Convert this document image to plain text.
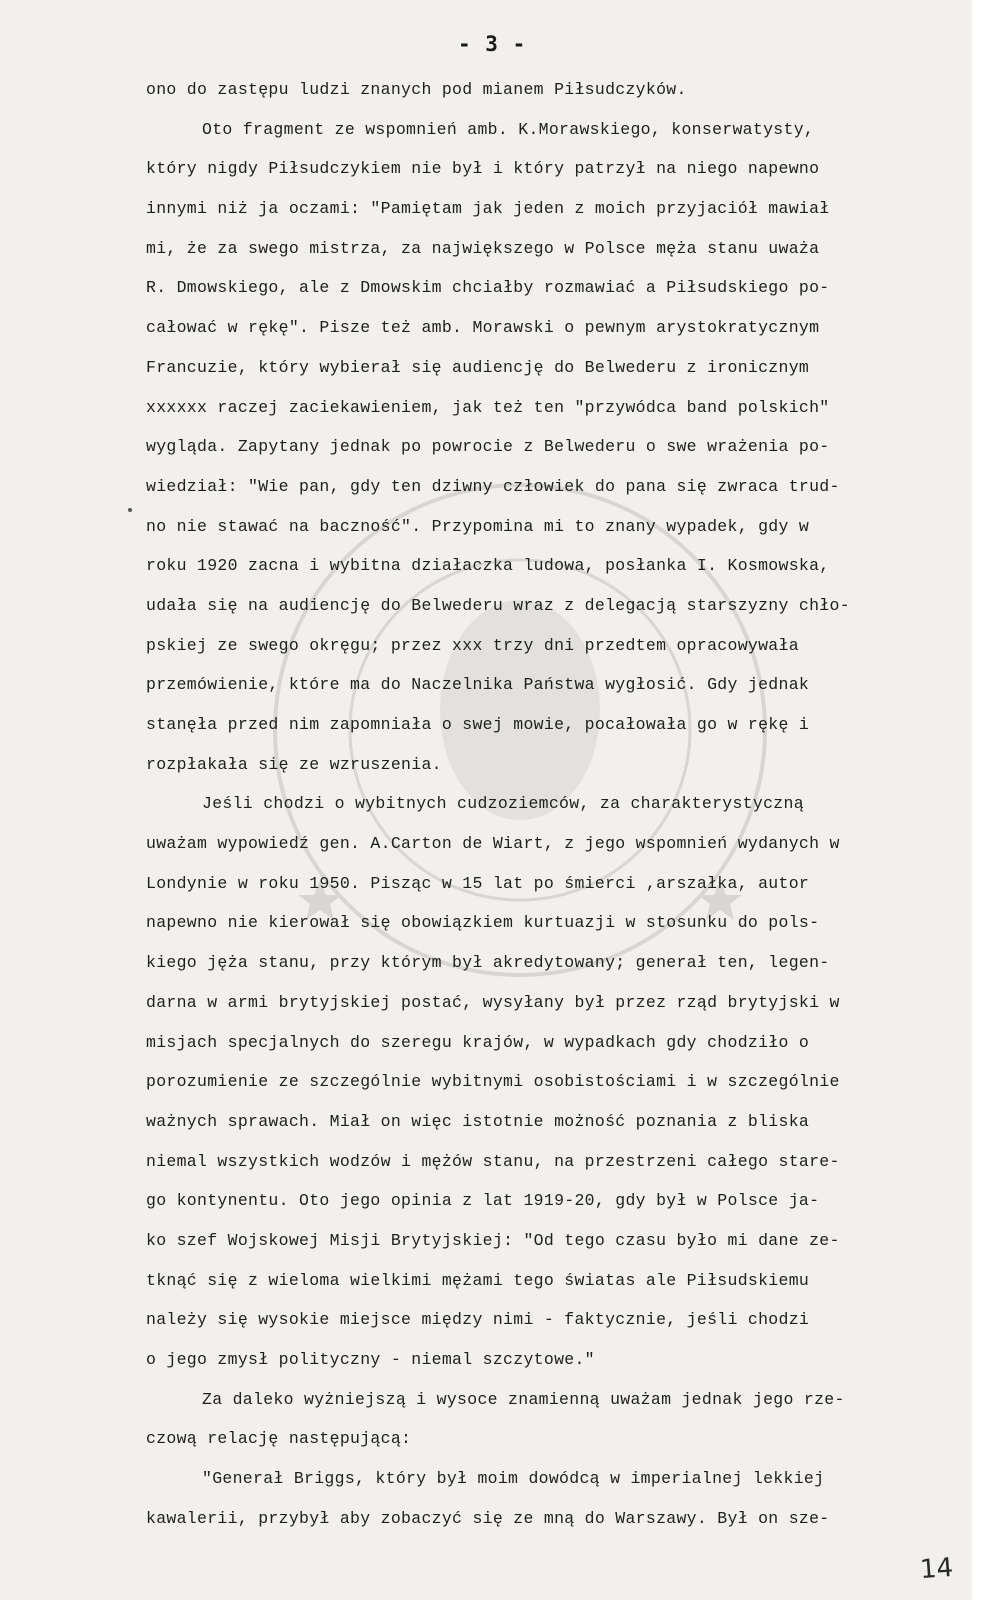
- 3 -
ono do zastępu ludzi znanych pod mianem Piłsudczyków.
Oto fragment ze wspomnień amb. K.Morawskiego, konserwatysty,
który nigdy Piłsudczykiem nie był i który patrzył na niego napewno
innymi niż ja oczami: "Pamiętam jak jeden z moich przyjaciół mawiał
mi, że za swego mistrza, za największego w Polsce męża stanu uważa
R. Dmowskiego, ale z Dmowskim chciałby rozmawiać a Piłsudskiego po-
całować w rękę". Pisze też amb. Morawski o pewnym arystokratycznym
Francuzie, który wybierał się audiencję do Belwederu z ironicznym
xxxxxx raczej zaciekawieniem, jak też ten "przywódca band polskich"
wygląda. Zapytany jednak po powrocie z Belwederu o swe wrażenia po-
wiedział: "Wie pan, gdy ten dziwny człowiek do pana się zwraca trud-
no nie stawać na baczność". Przypomina mi to znany wypadek, gdy w
roku 1920 zacna i wybitna działaczka ludowa, posłanka I. Kosmowska,
udała się na audiencję do Belwederu wraz z delegacją starszyzny chło-
pskiej ze swego okręgu; przez xxx trzy dni przedtem opracowywała
przemówienie, które ma do Naczelnika Państwa wygłosić. Gdy jednak
stanęła przed nim zapomniała o swej mowie, pocałowała go w rękę i
rozpłakała się ze wzruszenia.
Jeśli chodzi o wybitnych cudzoziemców, za charakterystyczną
uważam wypowiedź gen. A.Carton de Wiart, z jego wspomnień wydanych w
Londynie w roku 1950. Pisząc w 15 lat po śmierci ,arszałka, autor
napewno nie kierował się obowiązkiem kurtuazji w stosunku do pols-
kiego jęża stanu, przy którym był akredytowany; generał ten, legen-
darna w armi brytyjskiej postać, wysyłany był przez rząd brytyjski w
misjach specjalnych do szeregu krajów, w wypadkach gdy chodziło o
porozumienie ze szczególnie wybitnymi osobistościami i w szczególnie
ważnych sprawach. Miał on więc istotnie możność poznania z bliska
niemal wszystkich wodzów i mężów stanu, na przestrzeni całego stare-
go kontynentu. Oto jego opinia z lat 1919-20, gdy był w Polsce ja-
ko szef Wojskowej Misji Brytyjskiej: "Od tego czasu było mi dane ze-
tknąć się z wieloma wielkimi mężami tego światas ale Piłsudskiemu
należy się wysokie miejsce między nimi - faktycznie, jeśli chodzi
o jego zmysł polityczny - niemal szczytowe."
Za daleko wyżniejszą i wysoce znamienną uważam jednak jego rze-
czową relację następującą:
"Generał Briggs, który był moim dowódcą w imperialnej lekkiej
kawalerii, przybył aby zobaczyć się ze mną do Warszawy. Był on sze-
14
